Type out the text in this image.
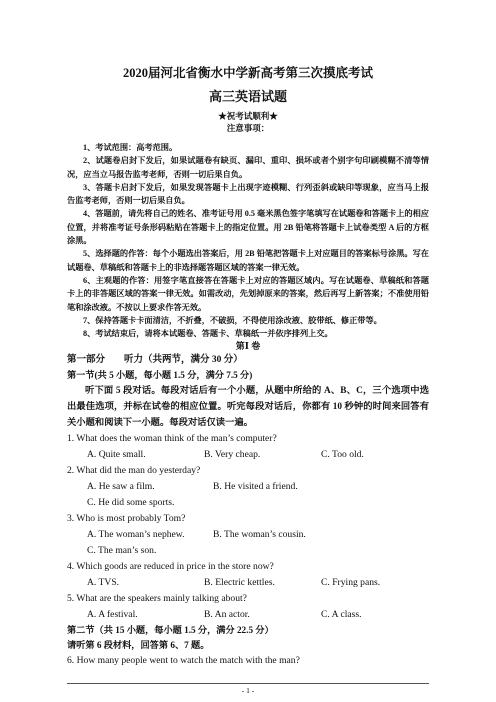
2020届河北省衡水中学新高考第三次摸底考试

高三英语试题

★祝考试顺利★

注意事项：

1、考试范围：高考范围。

2、试题卷启封下发后，如果试题卷有缺页、漏印、重印、损坏或者个别字句印刷模糊不清等情况，应当立马报告监考老师，否则一切后果自负。

3、答题卡启封下发后，如果发现答题卡上出现字迹模糊、行列歪斜或缺印等现象，应当马上报告监考老师，否则一切后果自负。

4、答题前，请先将自己的姓名、准考证号用 0.5 毫米黑色签字笔填写在试题卷和答题卡上的相应位置，并将准考证号条形码粘贴在答题卡上的指定位置。用 2B 铅笔将答题卡上试卷类型 A 后的方框涂黑。

5、选择题的作答：每个小题选出答案后，用 2B 铅笔把答题卡上对应题目的答案标号涂黑。写在试题卷、草稿纸和答题卡上的非选择题答题区域的答案一律无效。

6、主观题的作答：用签字笔直接答在答题卡上对应的答题区域内。写在试题卷、草稿纸和答题卡上的非答题区域的答案一律无效。如需改动，先划掉原来的答案，然后再写上新答案；不准使用铅笔和涂改液。不按以上要求作答无效。

7、保持答题卡卡面清洁，不折叠，不破损，不得使用涂改液、胶带纸、修正带等。

8、考试结束后，请将本试题卷、答题卡、草稿纸一并依序排列上交。

第Ⅰ 卷

第一部分　　听力（共两节，满分 30 分）

第一节(共 5 小题，每小题 1.5 分，满分 7.5 分)

听下面 5 段对话。每段对话后有一个小题，从题中所给的 A、B、C，三个选项中选出最佳选项，并标在试卷的相应位置。听完每段对话后，你都有 10 秒钟的时间来回答有关小题和阅读下一小题。每段对话仅读一遍。

1. What does the woman think of the man’s computer?

A. Quite small.	B. Very cheap.	C. Too old.

2. What did the man do yesterday?

A. He saw a film.	B. He visited a friend.

C. He did some sports.

3. Who is most probably Tom?

A. The woman’s nephew.	B. The woman’s cousin.

C. The man’s son.

4. Which goods are reduced in price in the store now?

A. TVS.	B. Electric kettles.	C. Frying pans.

5. What are the speakers mainly talking about?

A. A festival.	B. An actor.	C. A class.

第二节（共 15 小题，每小题 1.5 分，满分 22.5 分）

请听第 6 段材料，回答第 6、7 题。

6. How many people went to watch the match with the man?

- 1 -
